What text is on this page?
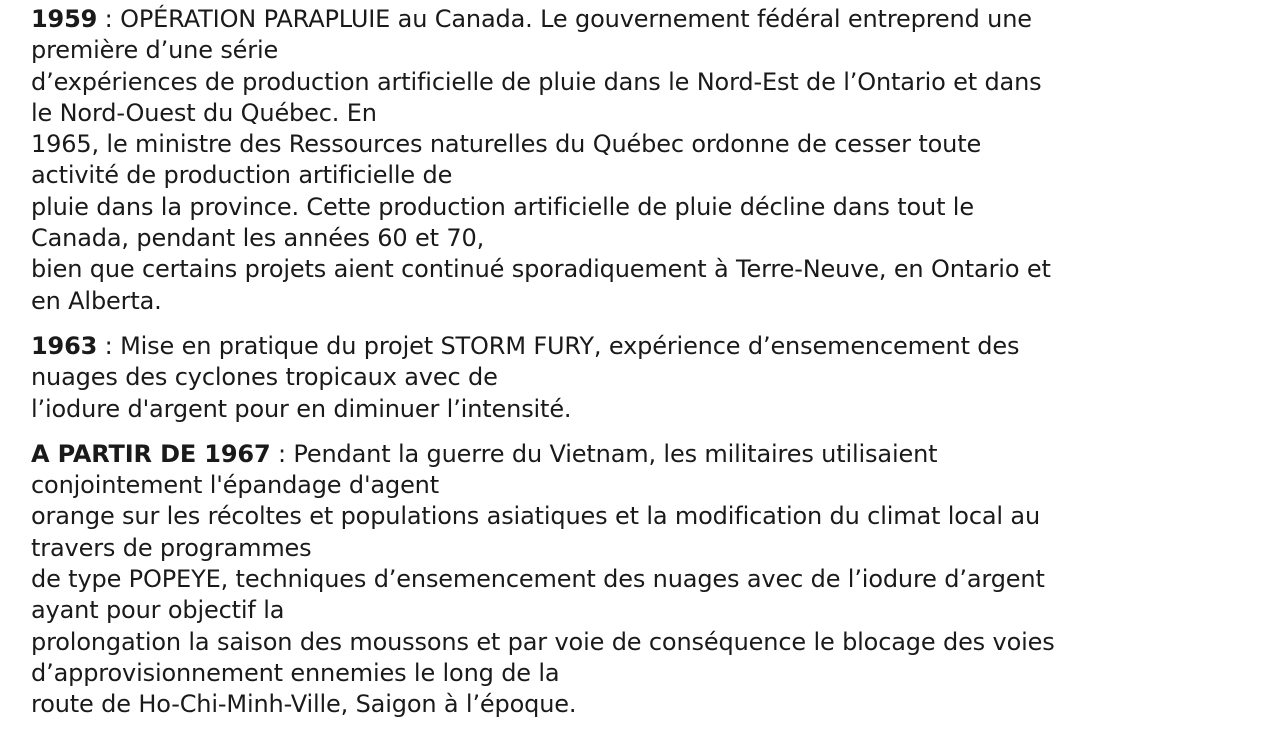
1959 : OPÉRATION PARAPLUIE au Canada. Le gouvernement fédéral entreprend une
première d’une série
d’expériences de production artificielle de pluie dans le Nord-Est de l’Ontario et dans
le Nord-Ouest du Québec. En
1965, le ministre des Ressources naturelles du Québec ordonne de cesser toute
activité de production artificielle de
pluie dans la province. Cette production artificielle de pluie décline dans tout le
Canada, pendant les années 60 et 70,
bien que certains projets aient continué sporadiquement à Terre-Neuve, en Ontario et
en Alberta.
1963 : Mise en pratique du projet STORM FURY, expérience d’ensemencement des
nuages des cyclones tropicaux avec de
l’iodure d'argent pour en diminuer l’intensité.
A PARTIR DE 1967 : Pendant la guerre du Vietnam, les militaires utilisaient
conjointement l'épandage d'agent
orange sur les récoltes et populations asiatiques et la modification du climat local au
travers de programmes
de type POPEYE, techniques d’ensemencement des nuages avec de l’iodure d’argent
ayant pour objectif la
prolongation la saison des moussons et par voie de conséquence le blocage des voies
d’approvisionnement ennemies le long de la
route de Ho-Chi-Minh-Ville, Saigon à l’époque.
